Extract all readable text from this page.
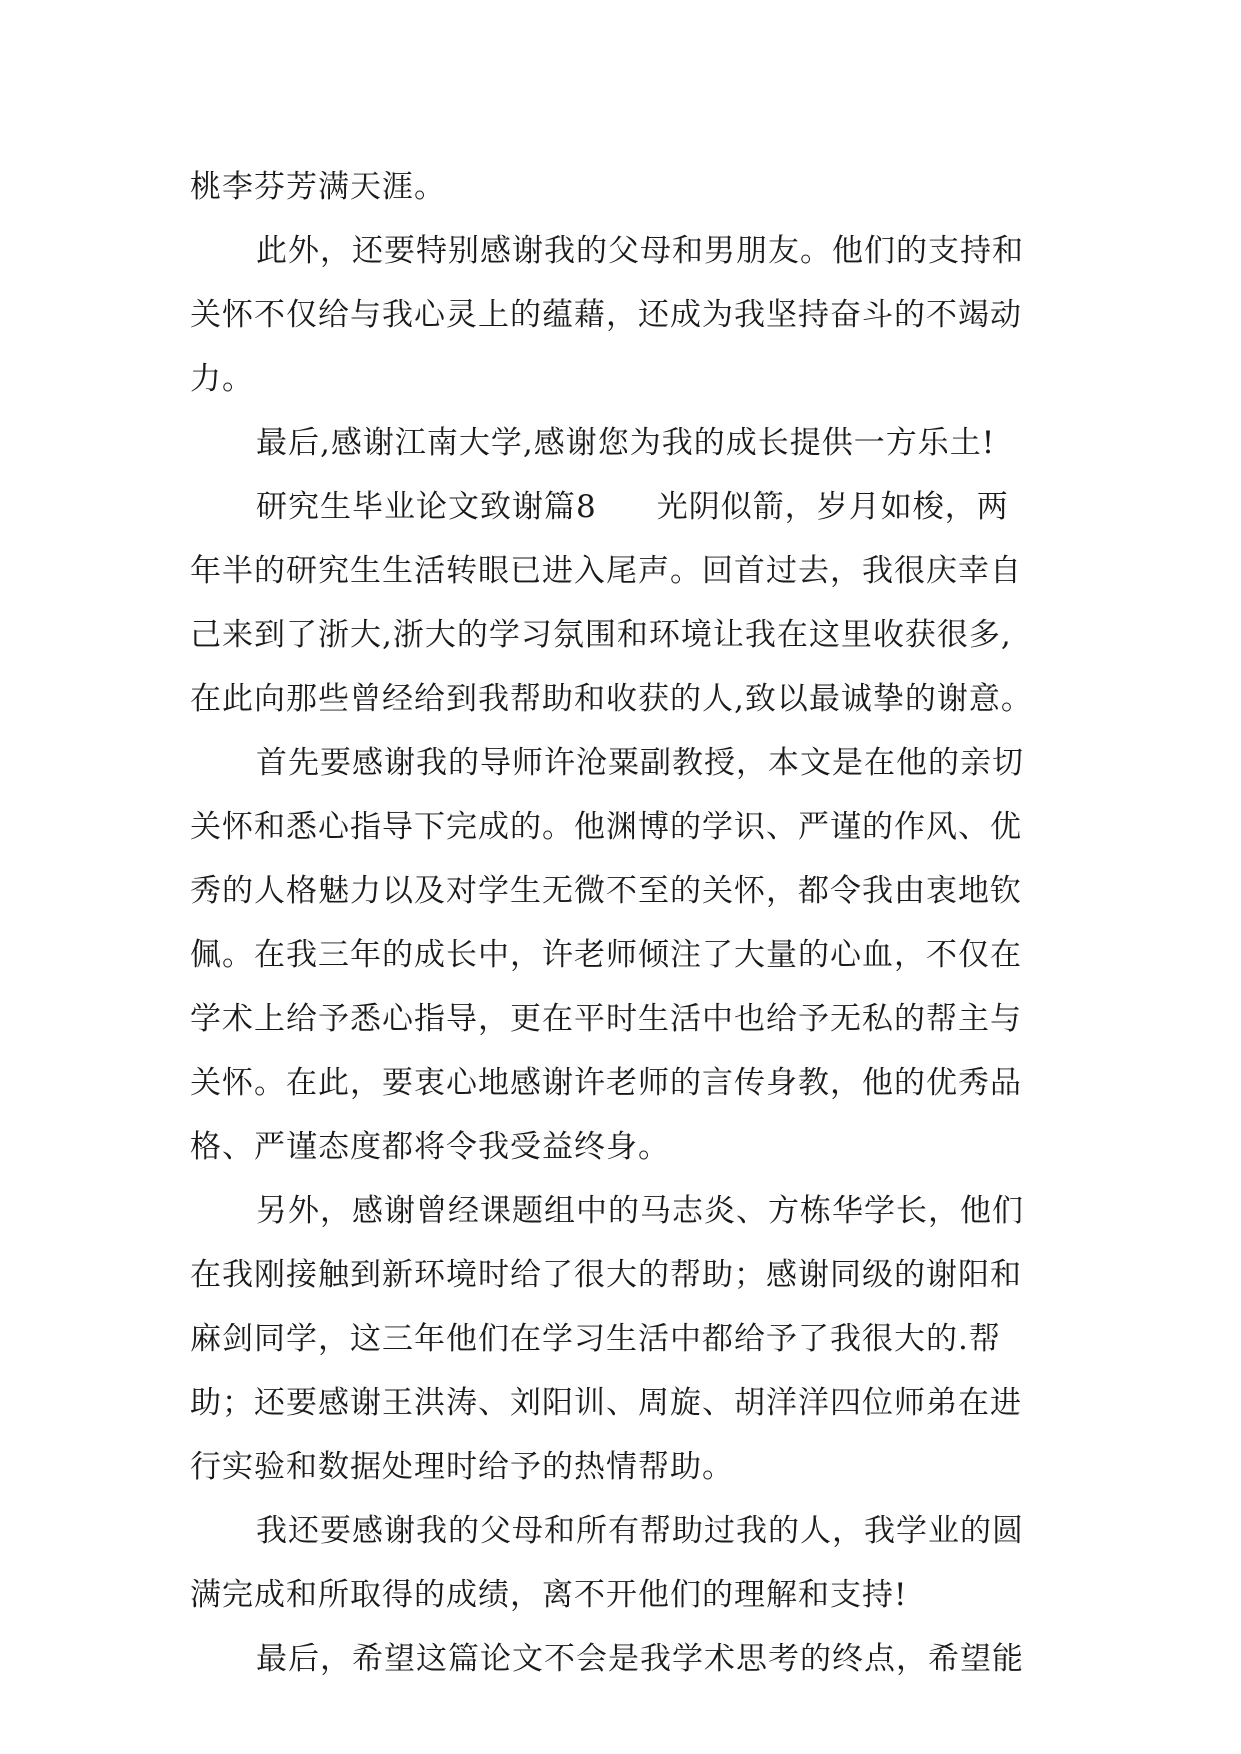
桃李芬芳满天涯。
此外，还要特别感谢我的父母和男朋友。他们的支持和
关怀不仅给与我心灵上的蕴藉，还成为我坚持奋斗的不竭动
力。
最后,感谢江南大学,感谢您为我的成长提供一方乐土!
研究生毕业论文致谢篇8 光阴似箭，岁月如梭，两
年半的研究生生活转眼已进入尾声。回首过去，我很庆幸自
己来到了浙大,浙大的学习氛围和环境让我在这里收获很多,
在此向那些曾经给到我帮助和收获的人,致以最诚挚的谢意。
首先要感谢我的导师许沧粟副教授，本文是在他的亲切
关怀和悉心指导下完成的。他渊博的学识、严谨的作风、优
秀的人格魅力以及对学生无微不至的关怀，都令我由衷地钦
佩。在我三年的成长中，许老师倾注了大量的心血，不仅在
学术上给予悉心指导，更在平时生活中也给予无私的帮主与
关怀。在此，要衷心地感谢许老师的言传身教，他的优秀品
格、严谨态度都将令我受益终身。
另外，感谢曾经课题组中的马志炎、方栋华学长，他们
在我刚接触到新环境时给了很大的帮助；感谢同级的谢阳和
麻剑同学，这三年他们在学习生活中都给予了我很大的.帮
助；还要感谢王洪涛、刘阳训、周旋、胡洋洋四位师弟在进
行实验和数据处理时给予的热情帮助。
我还要感谢我的父母和所有帮助过我的人，我学业的圆
满完成和所取得的成绩，离不开他们的理解和支持!
最后，希望这篇论文不会是我学术思考的终点，希望能
